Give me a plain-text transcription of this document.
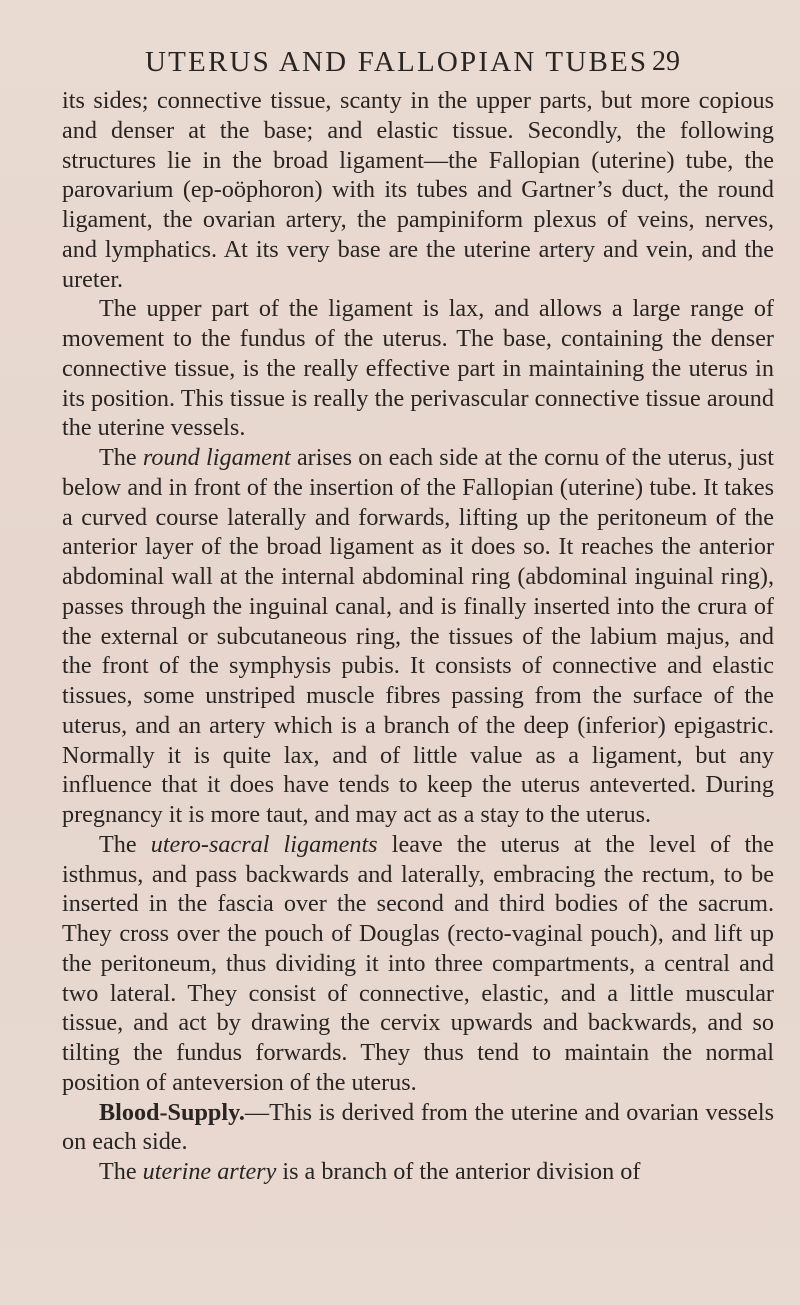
UTERUS AND FALLOPIAN TUBES 29

its sides; connective tissue, scanty in the upper parts, but more copious and denser at the base; and elastic tissue. Secondly, the following structures lie in the broad ligament—the Fallopian (uterine) tube, the parovarium (ep-oöphoron) with its tubes and Gartner’s duct, the round ligament, the ovarian artery, the pampiniform plexus of veins, nerves, and lymphatics. At its very base are the uterine artery and vein, and the ureter.

The upper part of the ligament is lax, and allows a large range of movement to the fundus of the uterus. The base, containing the denser connective tissue, is the really effective part in maintaining the uterus in its position. This tissue is really the perivascular connective tissue around the uterine vessels.

The round ligament arises on each side at the cornu of the uterus, just below and in front of the insertion of the Fallopian (uterine) tube. It takes a curved course laterally and forwards, lifting up the peritoneum of the anterior layer of the broad ligament as it does so. It reaches the anterior abdominal wall at the internal abdominal ring (abdominal inguinal ring), passes through the inguinal canal, and is finally inserted into the crura of the external or subcutaneous ring, the tissues of the labium majus, and the front of the symphysis pubis. It consists of connective and elastic tissues, some unstriped muscle fibres passing from the surface of the uterus, and an artery which is a branch of the deep (inferior) epigastric. Normally it is quite lax, and of little value as a ligament, but any influence that it does have tends to keep the uterus anteverted. During pregnancy it is more taut, and may act as a stay to the uterus.

The utero-sacral ligaments leave the uterus at the level of the isthmus, and pass backwards and laterally, embracing the rectum, to be inserted in the fascia over the second and third bodies of the sacrum. They cross over the pouch of Douglas (recto-vaginal pouch), and lift up the peritoneum, thus dividing it into three compartments, a central and two lateral. They consist of connective, elastic, and a little muscular tissue, and act by drawing the cervix upwards and backwards, and so tilting the fundus forwards. They thus tend to maintain the normal position of anteversion of the uterus.

Blood-Supply.—This is derived from the uterine and ovarian vessels on each side.

The uterine artery is a branch of the anterior division of
